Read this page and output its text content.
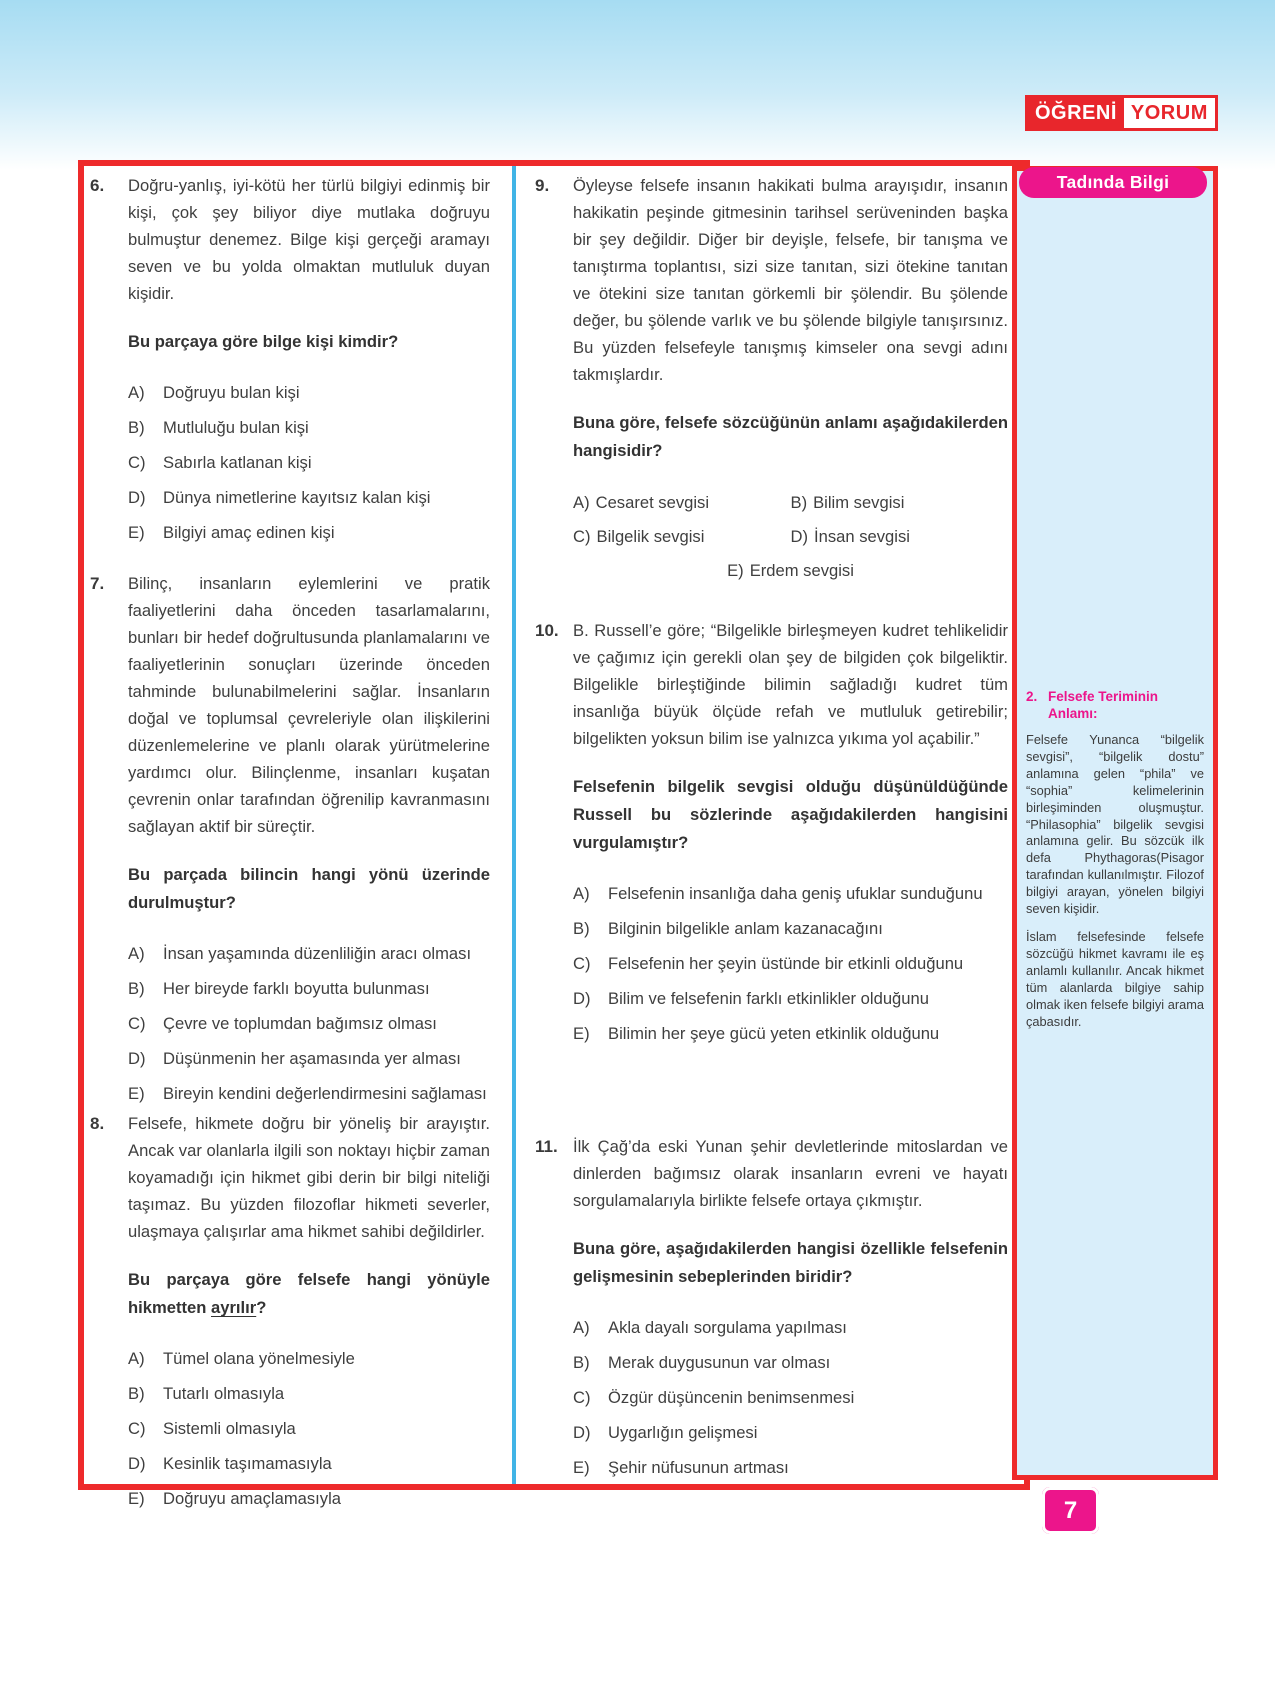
ÖĞRENİ YORUM
6.	Doğru-yanlış, iyi-kötü her türlü bilgiyi edinmiş bir kişi, çok şey biliyor diye mutlaka doğruyu bulmuştur denemez. Bilge kişi gerçeği aramayı seven ve bu yolda olmaktan mutluluk duyan kişidir.

Bu parçaya göre bilge kişi kimdir?

A)	Doğruyu bulan kişi
B)	Mutluluğu bulan kişi
C)	Sabırla katlanan kişi
D)	Dünya nimetlerine kayıtsız kalan kişi
E)	Bilgiyi amaç edinen kişi
7.	Bilinç, insanların eylemlerini ve pratik faaliyetlerini daha önceden tasarlamalarını, bunları bir hedef doğrultusunda planlamalarını ve faaliyetlerinin sonuçları üzerinde önceden tahminde bulunabilmelerini sağlar. İnsanların doğal ve toplumsal çevreleriyle olan ilişkilerini düzenlemelerine ve planlı olarak yürütmelerine yardımcı olur. Bilinçlenme, insanları kuşatan çevrenin onlar tarafından öğrenilip kavranmasını sağlayan aktif bir süreçtir.

Bu parçada bilincin hangi yönü üzerinde durulmuştur?

A)	İnsan yaşamında düzenliliğin aracı olması
B)	Her bireyde farklı boyutta bulunması
C)	Çevre ve toplumdan bağımsız olması
D)	Düşünmenin her aşamasında yer alması
E)	Bireyin kendini değerlendirmesini sağlaması
8.	Felsefe, hikmete doğru bir yöneliş bir arayıştır. Ancak var olanlarla ilgili son noktayı hiçbir zaman koyamadığı için hikmet gibi derin bir bilgi niteliği taşımaz. Bu yüzden filozoflar hikmeti severler, ulaşmaya çalışırlar ama hikmet sahibi değildirler.

Bu parçaya göre felsefe hangi yönüyle hikmetten ayrılır?

A)	Tümel olana yönelmesiyle
B)	Tutarlı olmasıyla
C)	Sistemli olmasıyla
D)	Kesinlik taşımamasıyla
E)	Doğruyu amaçlamasıyla
9.	Öyleyse felsefe insanın hakikati bulma arayışıdır, insanın hakikatin peşinde gitmesinin tarihsel serüveninden başka bir şey değildir. Diğer bir deyişle, felsefe, bir tanışma ve tanıştırma toplantısı, sizi size tanıtan, sizi ötekine tanıtan ve ötekini size tanıtan görkemli bir şölendir. Bu şölende değer, bu şölende varlık ve bu şölende bilgiyle tanışırsınız. Bu yüzden felsefeyle tanışmış kimseler ona sevgi adını takmışlardır.

Buna göre, felsefe sözcüğünün anlamı aşağıdakilerden hangisidir?

A) Cesaret sevgisi	B) Bilim sevgisi
C) Bilgelik sevgisi	D) İnsan sevgisi
E) Erdem sevgisi
10. B. Russell’e göre; “Bilgelikle birleşmeyen kudret tehlikelidir ve çağımız için gerekli olan şey de bilgiden çok bilgeliktir. Bilgelikle birleştiğinde bilimin sağladığı kudret tüm insanlığa büyük ölçüde refah ve mutluluk getirebilir; bilgelikten yoksun bilim ise yalnızca yıkıma yol açabilir.”

Felsefenin bilgelik sevgisi olduğu düşünüldüğünde Russell bu sözlerinde aşağıdakilerden hangisini vurgulamıştır?

A)	Felsefenin insanlığa daha geniş ufuklar sunduğunu
B)	Bilginin bilgelikle anlam kazanacağını
C)	Felsefenin her şeyin üstünde bir etkinli olduğunu
D)	Bilim ve felsefenin farklı etkinlikler olduğunu
E)	Bilimin her şeye gücü yeten etkinlik olduğunu
11. İlk Çağ’da eski Yunan şehir devletlerinde mitoslardan ve dinlerden bağımsız olarak insanların evreni ve hayatı sorgulamalarıyla birlikte felsefe ortaya çıkmıştır.

Buna göre, aşağıdakilerden hangisi özellikle felsefenin gelişmesinin sebeplerinden biridir?

A)	Akla dayalı sorgulama yapılması
B)	Merak duygusunun var olması
C)	Özgür düşüncenin benimsenmesi
D)	Uygarlığın gelişmesi
E)	Şehir nüfusunun artması

2. Felsefe Teriminin Anlamı:

Felsefe Yunanca “bilgelik sevgisi”, “bilgelik dostu” anlamına gelen “phila” ve “sophia” kelimelerinin birleşiminden oluşmuştur. “Philasophia” bilgelik sevgisi anlamına gelir. Bu sözcük ilk defa Phythagoras(Pisagor tarafından kullanılmıştır. Filozof bilgiyi arayan, yönelen bilgiyi seven kişidir.

İslam felsefesinde felsefe sözcüğü hikmet kavramı ile eş anlamlı kullanılır. Ancak hikmet tüm alanlarda bilgiye sahip olmak iken felsefe bilgiyi arama çabasıdır.

Tadında Bilgi
7
